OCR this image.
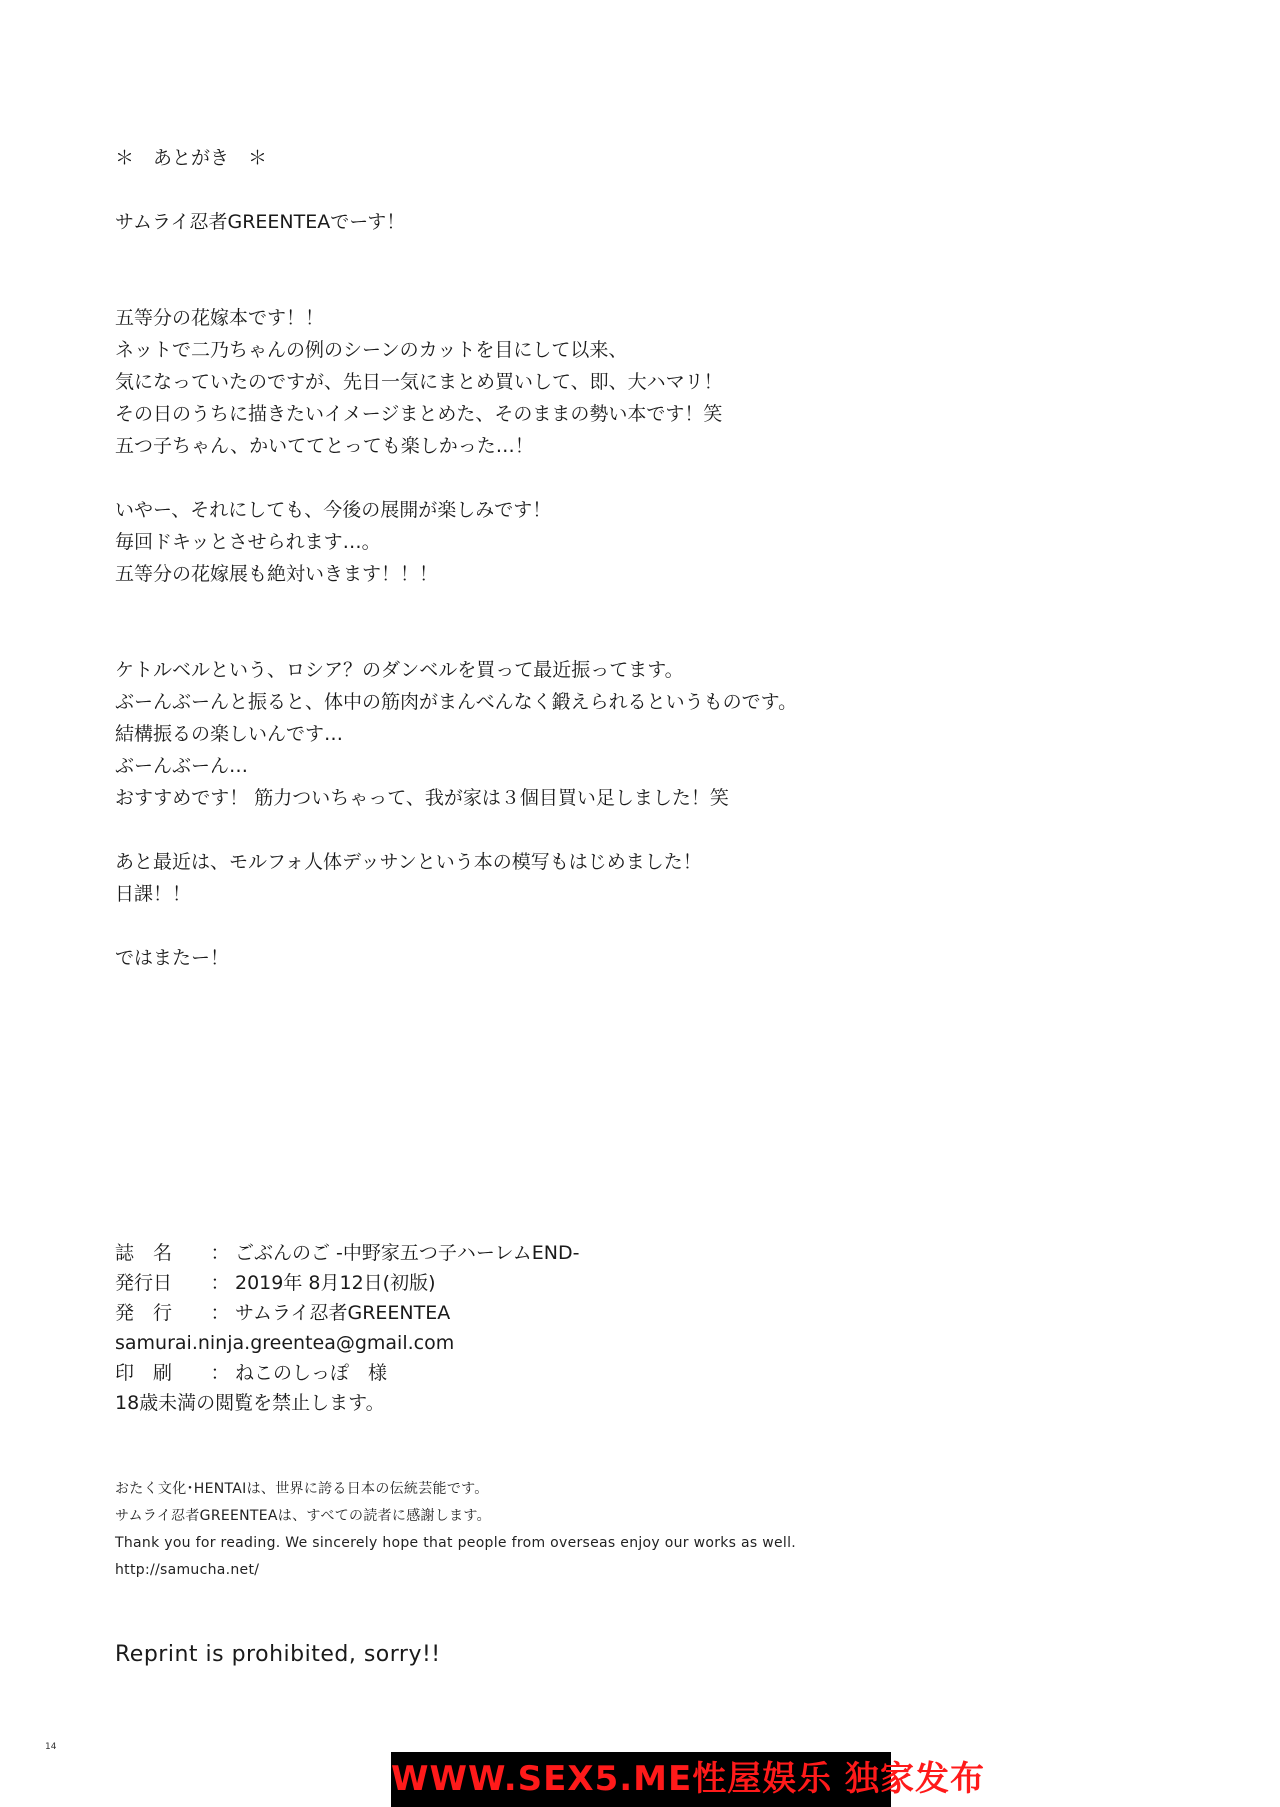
＊　あとがき　＊
サムライ忍者GREENTEAでーす！
五等分の花嫁本です！！
ネットで二乃ちゃんの例のシーンのカットを目にして以来、
気になっていたのですが、先日一気にまとめ買いして、即、大ハマリ！
その日のうちに描きたいイメージまとめた、そのままの勢い本です！笑
五つ子ちゃん、かいててとっても楽しかった…！
いやー、それにしても、今後の展開が楽しみです！
毎回ドキッとさせられます…。
五等分の花嫁展も絶対いきます！！！
ケトルベルという、ロシア？のダンベルを買って最近振ってます。
ぶーんぶーんと振ると、体中の筋肉がまんべんなく鍛えられるというものです。
結構振るの楽しいんです…
ぶーんぶーん…
おすすめです！ 筋力ついちゃって、我が家は３個目買い足しました！笑
あと最近は、モルフォ人体デッサンという本の模写もはじめました！
日課！！
ではまたー！
誌　名	： ごぶんのご -中野家五つ子ハーレムEND-
発行日	： 2019年 8月12日(初版)
発　行	： サムライ忍者GREENTEA
samurai.ninja.greentea@gmail.com
印　刷	： ねこのしっぽ　様
18歳未満の閲覧を禁止します。
おたく文化･HENTAIは、世界に誇る日本の伝統芸能です。
サムライ忍者GREENTEAは、すべての読者に感謝します。
Thank you for reading. We sincerely hope that people from overseas enjoy our works as well.
http://samucha.net/
Reprint is prohibited, sorry!!
14
WWW.SEX5.ME性屋娱乐 独家发布
